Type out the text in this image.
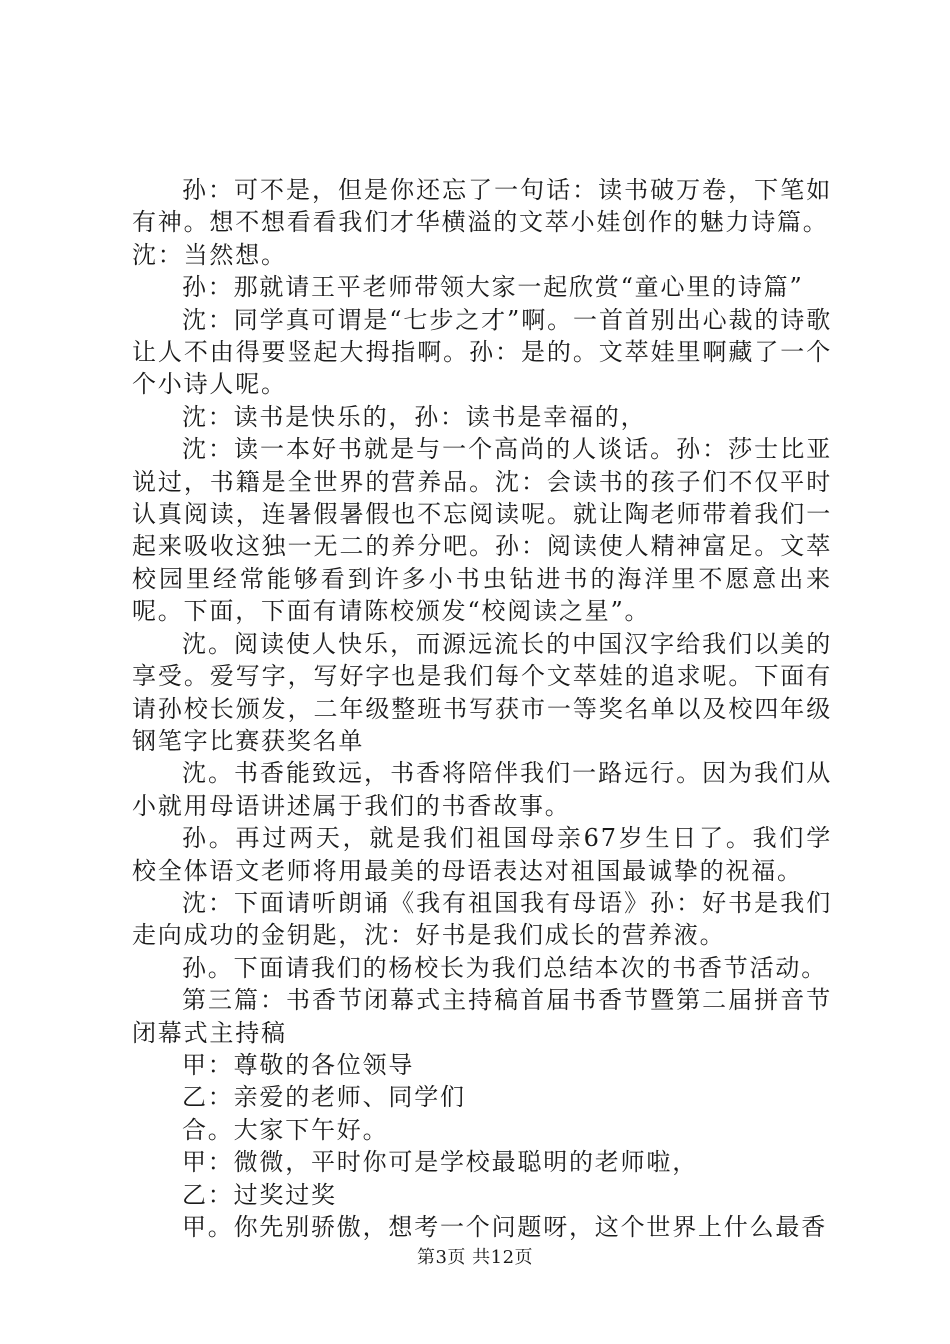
孙：可不是，但是你还忘了一句话：读书破万卷，下笔如有神。想不想看看我们才华横溢的文萃小娃创作的魅力诗篇。

沈：当然想。

孙：那就请王平老师带领大家一起欣赏“童心里的诗篇”

沈：同学真可谓是“七步之才”啊。一首首别出心裁的诗歌让人不由得要竖起大拇指啊。孙：是的。文萃娃里啊藏了一个个小诗人呢。

沈：读书是快乐的，孙：读书是幸福的，

沈：读一本好书就是与一个高尚的人谈话。孙：莎士比亚说过，书籍是全世界的营养品。沈：会读书的孩子们不仅平时认真阅读，连暑假暑假也不忘阅读呢。就让陶老师带着我们一起来吸收这独一无二的养分吧。孙：阅读使人精神富足。文萃校园里经常能够看到许多小书虫钻进书的海洋里不愿意出来呢。下面，下面有请陈校颁发“校阅读之星”。

沈。阅读使人快乐，而源远流长的中国汉字给我们以美的享受。爱写字，写好字也是我们每个文萃娃的追求呢。下面有请孙校长颁发，二年级整班书写获市一等奖名单以及校四年级钢笔字比赛获奖名单

沈。书香能致远，书香将陪伴我们一路远行。因为我们从小就用母语讲述属于我们的书香故事。

孙。再过两天，就是我们祖国母亲67岁生日了。我们学校全体语文老师将用最美的母语表达对祖国最诚挚的祝福。

沈：下面请听朗诵《我有祖国我有母语》孙：好书是我们走向成功的金钥匙，沈：好书是我们成长的营养液。

孙。下面请我们的杨校长为我们总结本次的书香节活动。

第三篇：书香节闭幕式主持稿首届书香节暨第二届拼音节闭幕式主持稿

甲：尊敬的各位领导

乙：亲爱的老师、同学们

合。大家下午好。

甲：微微，平时你可是学校最聪明的老师啦，

乙：过奖过奖

甲。你先别骄傲，想考一个问题呀，这个世界上什么最香

第3页 共12页
